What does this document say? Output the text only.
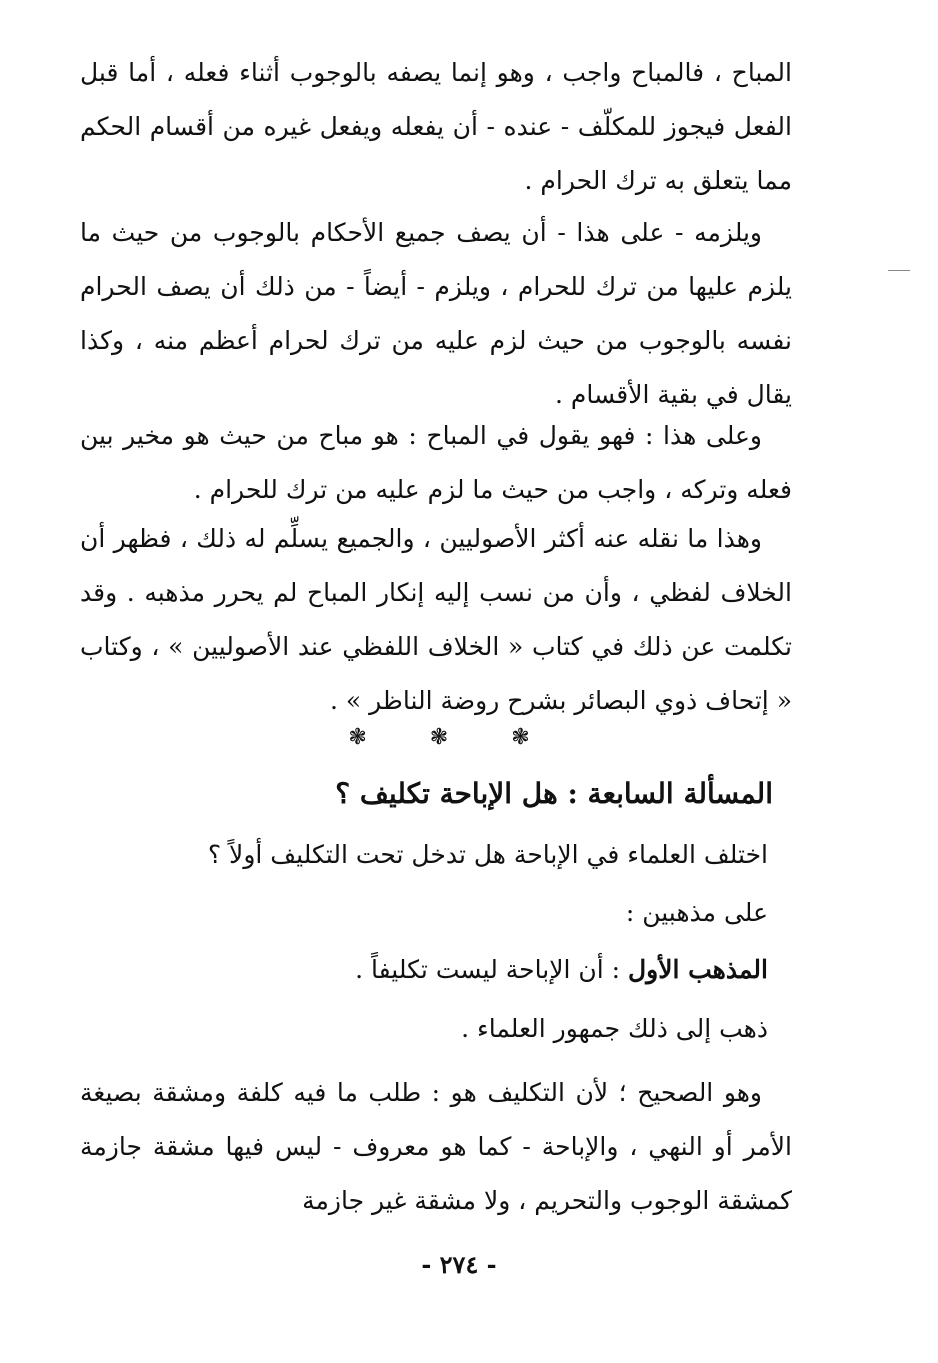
المباح ، فالمباح واجب ، وهو إنما يصفه بالوجوب أثناء فعله ، أما قبل الفعل فيجوز للمكلّف - عنده - أن يفعله ويفعل غيره من أقسام الحكم مما يتعلق به ترك الحرام .

ويلزمه - على هذا - أن يصف جميع الأحكام بالوجوب من حيث ما يلزم عليها من ترك للحرام ، ويلزم - أيضاً - من ذلك أن يصف الحرام نفسه بالوجوب من حيث لزم عليه من ترك لحرام أعظم منه ، وكذا يقال في بقية الأقسام .

وعلى هذا : فهو يقول في المباح : هو مباح من حيث هو مخير بين فعله وتركه ، واجب من حيث ما لزم عليه من ترك للحرام .

وهذا ما نقله عنه أكثر الأصوليين ، والجميع يسلِّم له ذلك ، فظهر أن الخلاف لفظي ، وأن من نسب إليه إنكار المباح لم يحرر مذهبه . وقد تكلمت عن ذلك في كتاب « الخلاف اللفظي عند الأصوليين » ، وكتاب « إتحاف ذوي البصائر بشرح روضة الناظر » .

❃	❃	❃
المسألة السابعة : هل الإباحة تكليف ؟
اختلف العلماء في الإباحة هل تدخل تحت التكليف أولاً ؟
على مذهبين :
المذهب الأول : أن الإباحة ليست تكليفاً .
ذهب إلى ذلك جمهور العلماء .

وهو الصحيح ؛ لأن التكليف هو : طلب ما فيه كلفة ومشقة بصيغة الأمر أو النهي ، والإباحة - كما هو معروف - ليس فيها مشقة جازمة كمشقة الوجوب والتحريم ، ولا مشقة غير جازمة

- ٢٧٤ -
